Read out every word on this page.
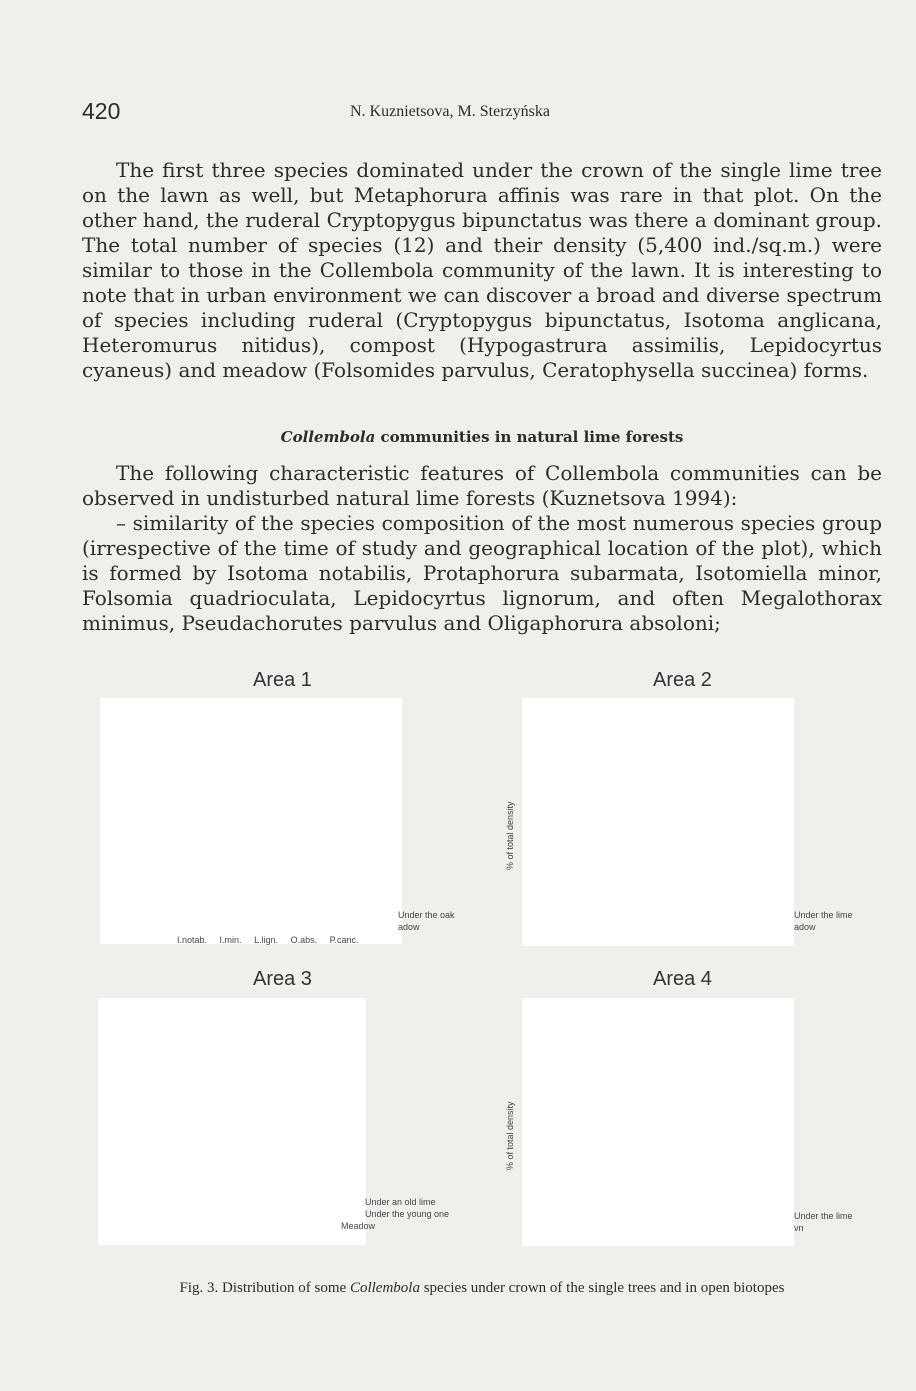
420	N. Kuznietsova, M. Sterzyńska

The first three species dominated under the crown of the single lime tree on the lawn as well, but Metaphorura affinis was rare in that plot. On the other hand, the ruderal Cryptopygus bipunctatus was there a dominant group. The total number of species (12) and their density (5,400 ind./sq.m.) were similar to those in the Collembola community of the lawn. It is interesting to note that in urban environment we can discover a broad and diverse spectrum of species including ruderal (Cryptopygus bipunctatus, Isotoma anglicana, Heteromurus nitidus), compost (Hypogastrura assimilis, Lepidocyrtus cyaneus) and meadow (Folsomides parvulus, Ceratophysella succinea) forms.

Collembola communities in natural lime forests

The following characteristic features of Collembola communities can be observed in undisturbed natural lime forests (Kuznetsova 1994):

– similarity of the species composition of the most numerous species group (irrespective of the time of study and geographical location of the plot), which is formed by Isotoma notabilis, Protaphorura subarmata, Isotomiella minor, Folsomia quadrioculata, Lepidocyrtus lignorum, and often Megalothorax minimus, Pseudachorutes parvulus and Oligaphorura absoloni;

Area 1
I.notab. I.min. L.lign. O.abs. P.canc.
Under the oak
adow
Area 2
% of total density
Under the lime
adow
Area 3
Under an old lime
Under the young one
Meadow
Area 4
% of total density
Under the lime
vn
Fig. 3. Distribution of some Collembola species under crown of the single trees and in open biotopes
